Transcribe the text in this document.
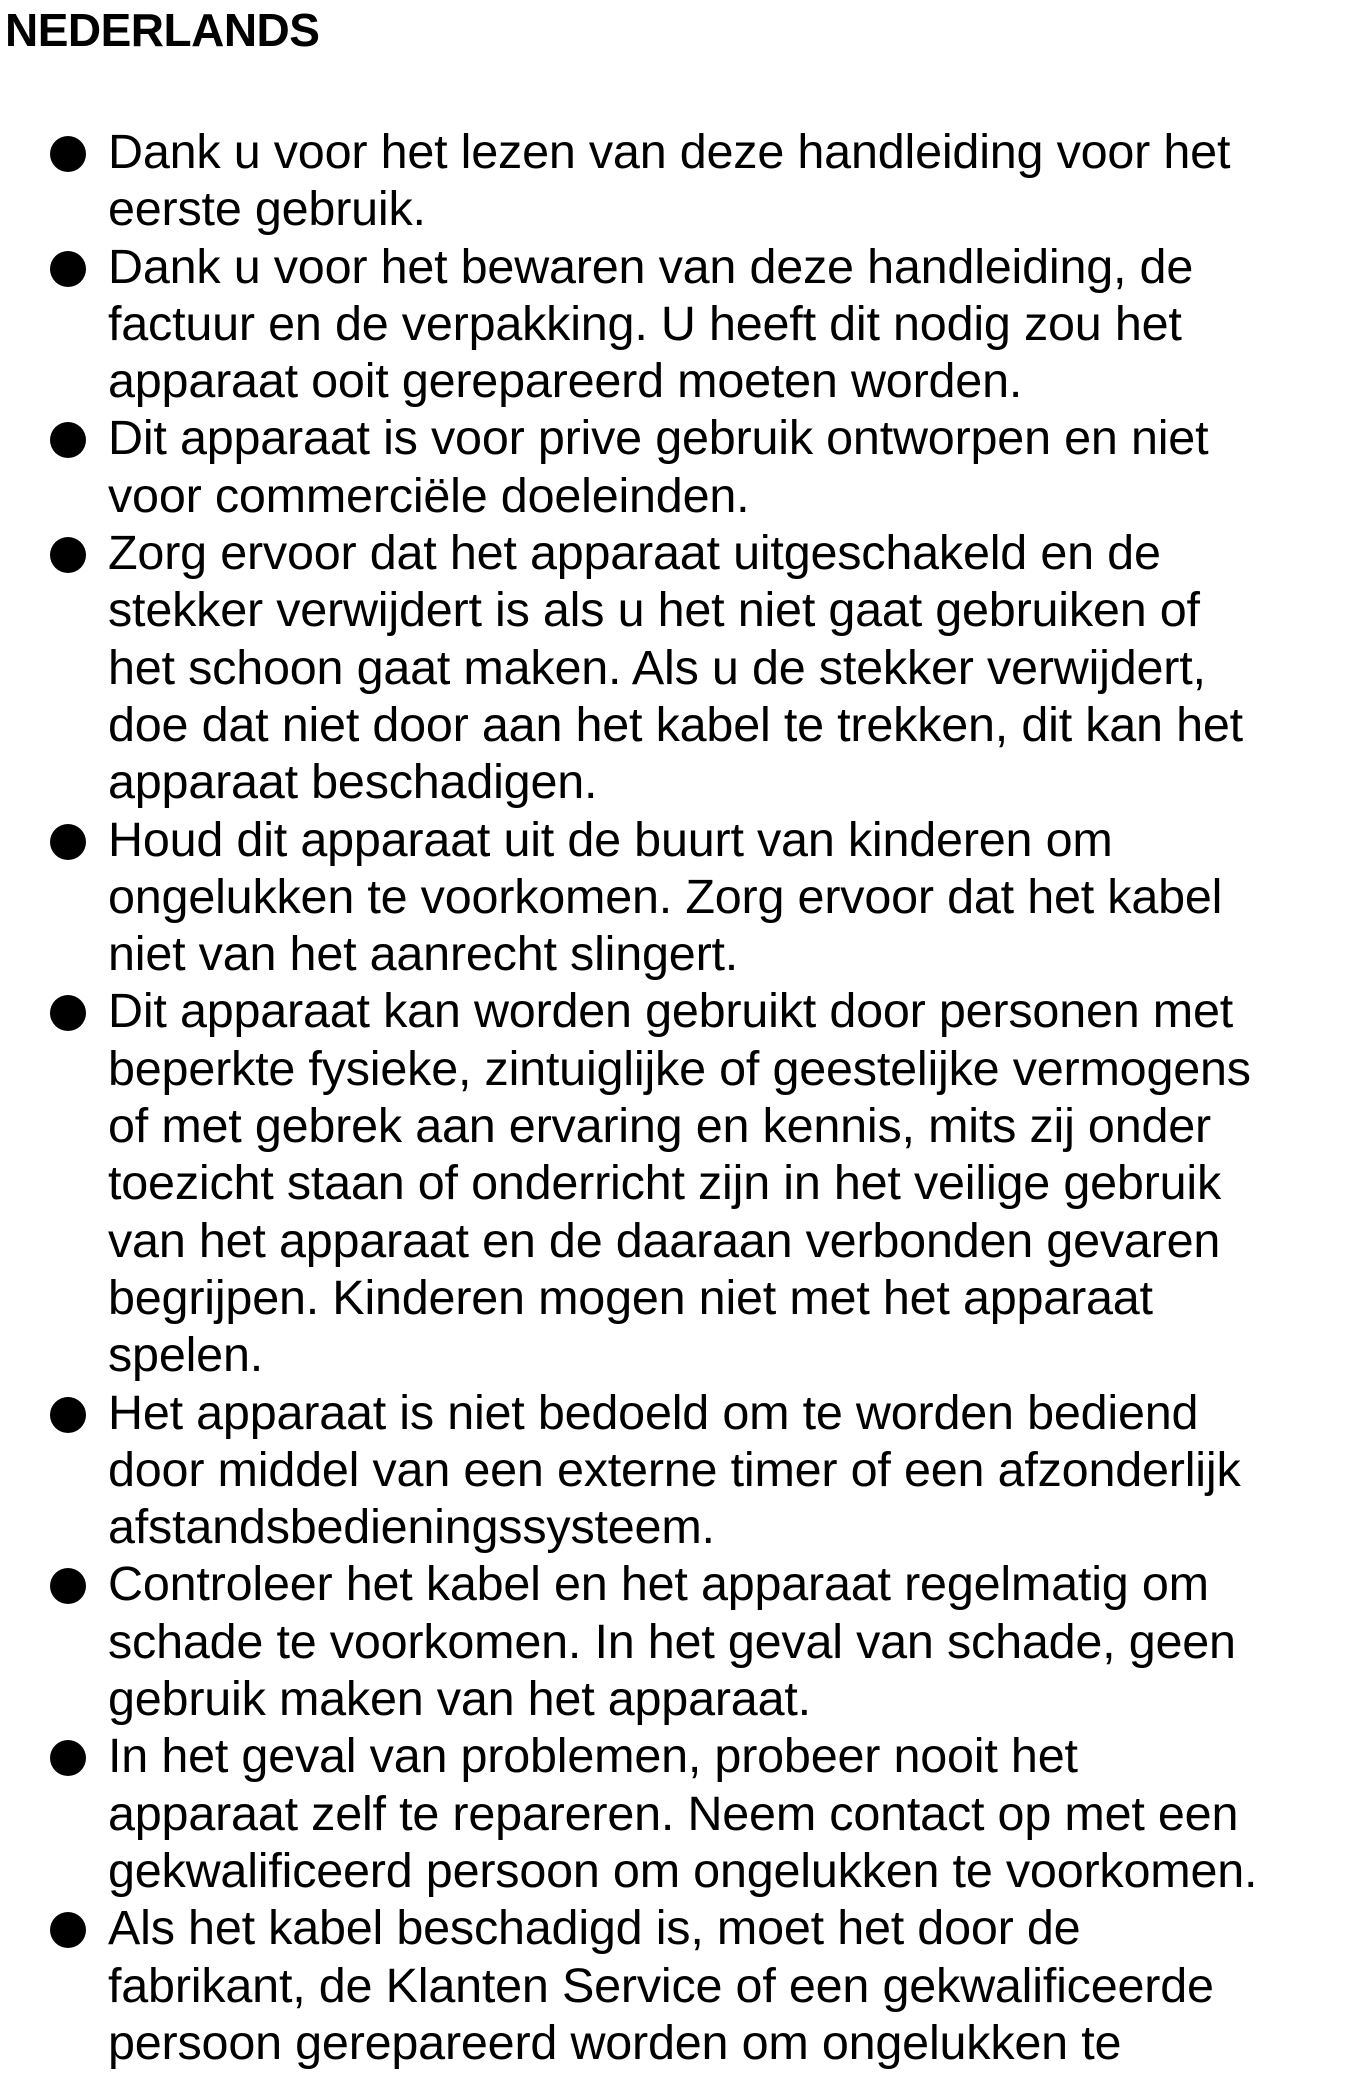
NEDERLANDS
Dank u voor het lezen van deze handleiding voor het
eerste gebruik.
Dank u voor het bewaren van deze handleiding, de
factuur en de verpakking. U heeft dit nodig zou het
apparaat ooit gerepareerd moeten worden.
Dit apparaat is voor prive gebruik ontworpen en niet
voor commerciële doeleinden.
Zorg ervoor dat het apparaat uitgeschakeld en de
stekker verwijdert is als u het niet gaat gebruiken of
het schoon gaat maken. Als u de stekker verwijdert,
doe dat niet door aan het kabel te trekken, dit kan het
apparaat beschadigen.
Houd dit apparaat uit de buurt van kinderen om
ongelukken te voorkomen. Zorg ervoor dat het kabel
niet van het aanrecht slingert.
Dit apparaat kan worden gebruikt door personen met
beperkte fysieke, zintuiglijke of geestelijke vermogens
of met gebrek aan ervaring en kennis, mits zij onder
toezicht staan of onderricht zijn in het veilige gebruik
van het apparaat en de daaraan verbonden gevaren
begrijpen. Kinderen mogen niet met het apparaat
spelen.
Het apparaat is niet bedoeld om te worden bediend
door middel van een externe timer of een afzonderlijk
afstandsbedieningssysteem.
Controleer het kabel en het apparaat regelmatig om
schade te voorkomen. In het geval van schade, geen
gebruik maken van het apparaat.
In het geval van problemen, probeer nooit het
apparaat zelf te repareren. Neem contact op met een
gekwalificeerd persoon om ongelukken te voorkomen.
Als het kabel beschadigd is, moet het door de
fabrikant, de Klanten Service of een gekwalificeerde
persoon gerepareerd worden om ongelukken te
